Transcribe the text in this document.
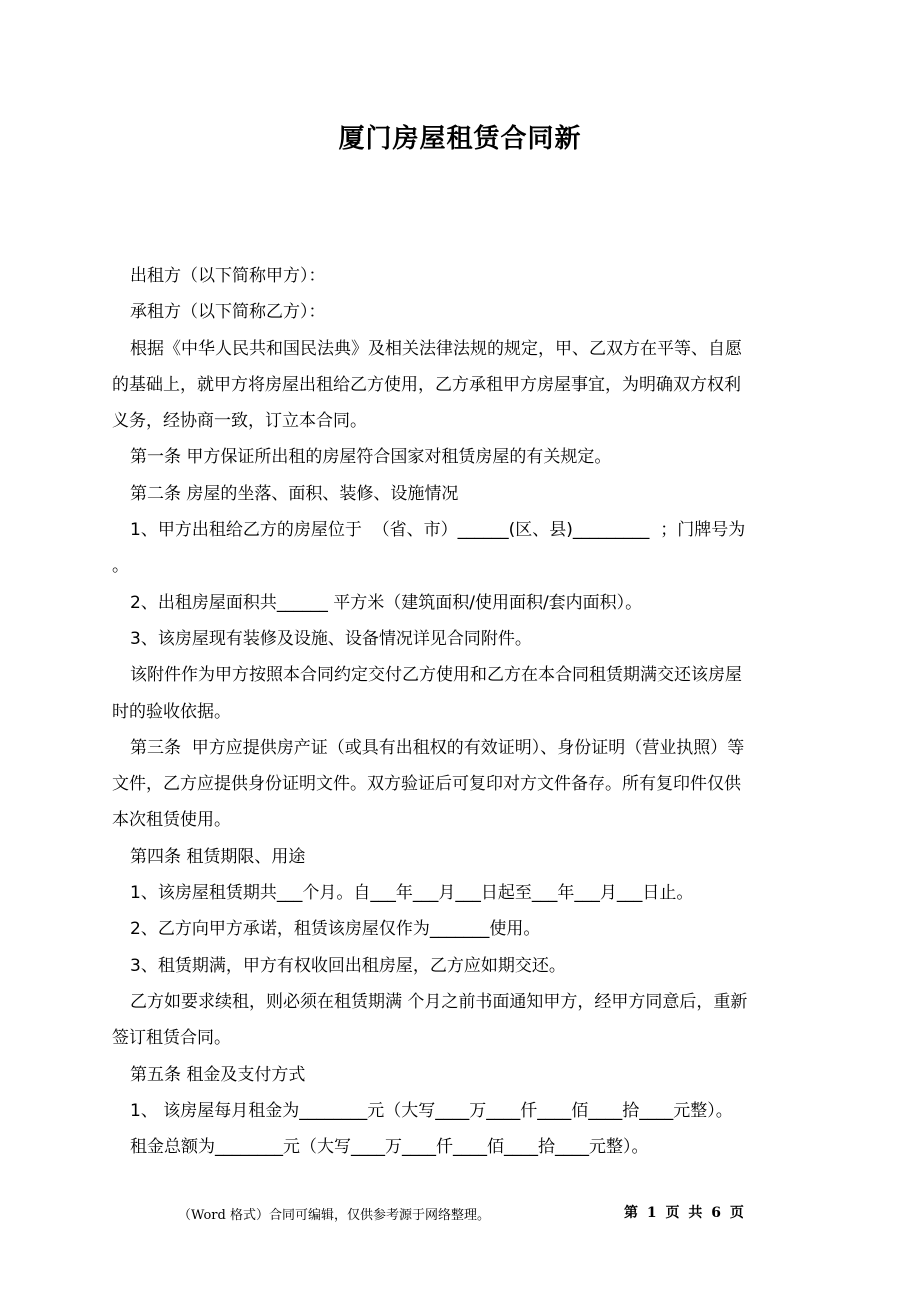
厦门房屋租赁合同新

出租方（以下简称甲方）：

承租方（以下简称乙方）：

根据《中华人民共和国民法典》及相关法律法规的规定，甲、乙双方在平等、自愿

的基础上，就甲方将房屋出租给乙方使用，乙方承租甲方房屋事宜，为明确双方权利

义务，经协商一致，订立本合同。

第一条 甲方保证所出租的房屋符合国家对租赁房屋的有关规定。

第二条 房屋的坐落、面积、装修、设施情况

1、甲方出租给乙方的房屋位于  （省、市）______(区、县)_________  ；门牌号为

。

2、出租房屋面积共______ 平方米（建筑面积/使用面积/套内面积）。

3、该房屋现有装修及设施、设备情况详见合同附件。

该附件作为甲方按照本合同约定交付乙方使用和乙方在本合同租赁期满交还该房屋

时的验收依据。

第三条  甲方应提供房产证（或具有出租权的有效证明）、身份证明（营业执照）等

文件，乙方应提供身份证明文件。双方验证后可复印对方文件备存。所有复印件仅供

本次租赁使用。

第四条 租赁期限、用途

1、该房屋租赁期共___个月。自___年___月___日起至___年___月___日止。

2、乙方向甲方承诺，租赁该房屋仅作为_______使用。

3、租赁期满，甲方有权收回出租房屋，乙方应如期交还。

乙方如要求续租，则必须在租赁期满 个月之前书面通知甲方，经甲方同意后，重新

签订租赁合同。

第五条 租金及支付方式

1、 该房屋每月租金为________元（大写____万____仟____佰____拾____元整）。

租金总额为________元（大写____万____仟____佰____拾____元整）。

（Word 格式）合同可编辑，仅供参考源于网络整理。	第 1 页 共 6 页
